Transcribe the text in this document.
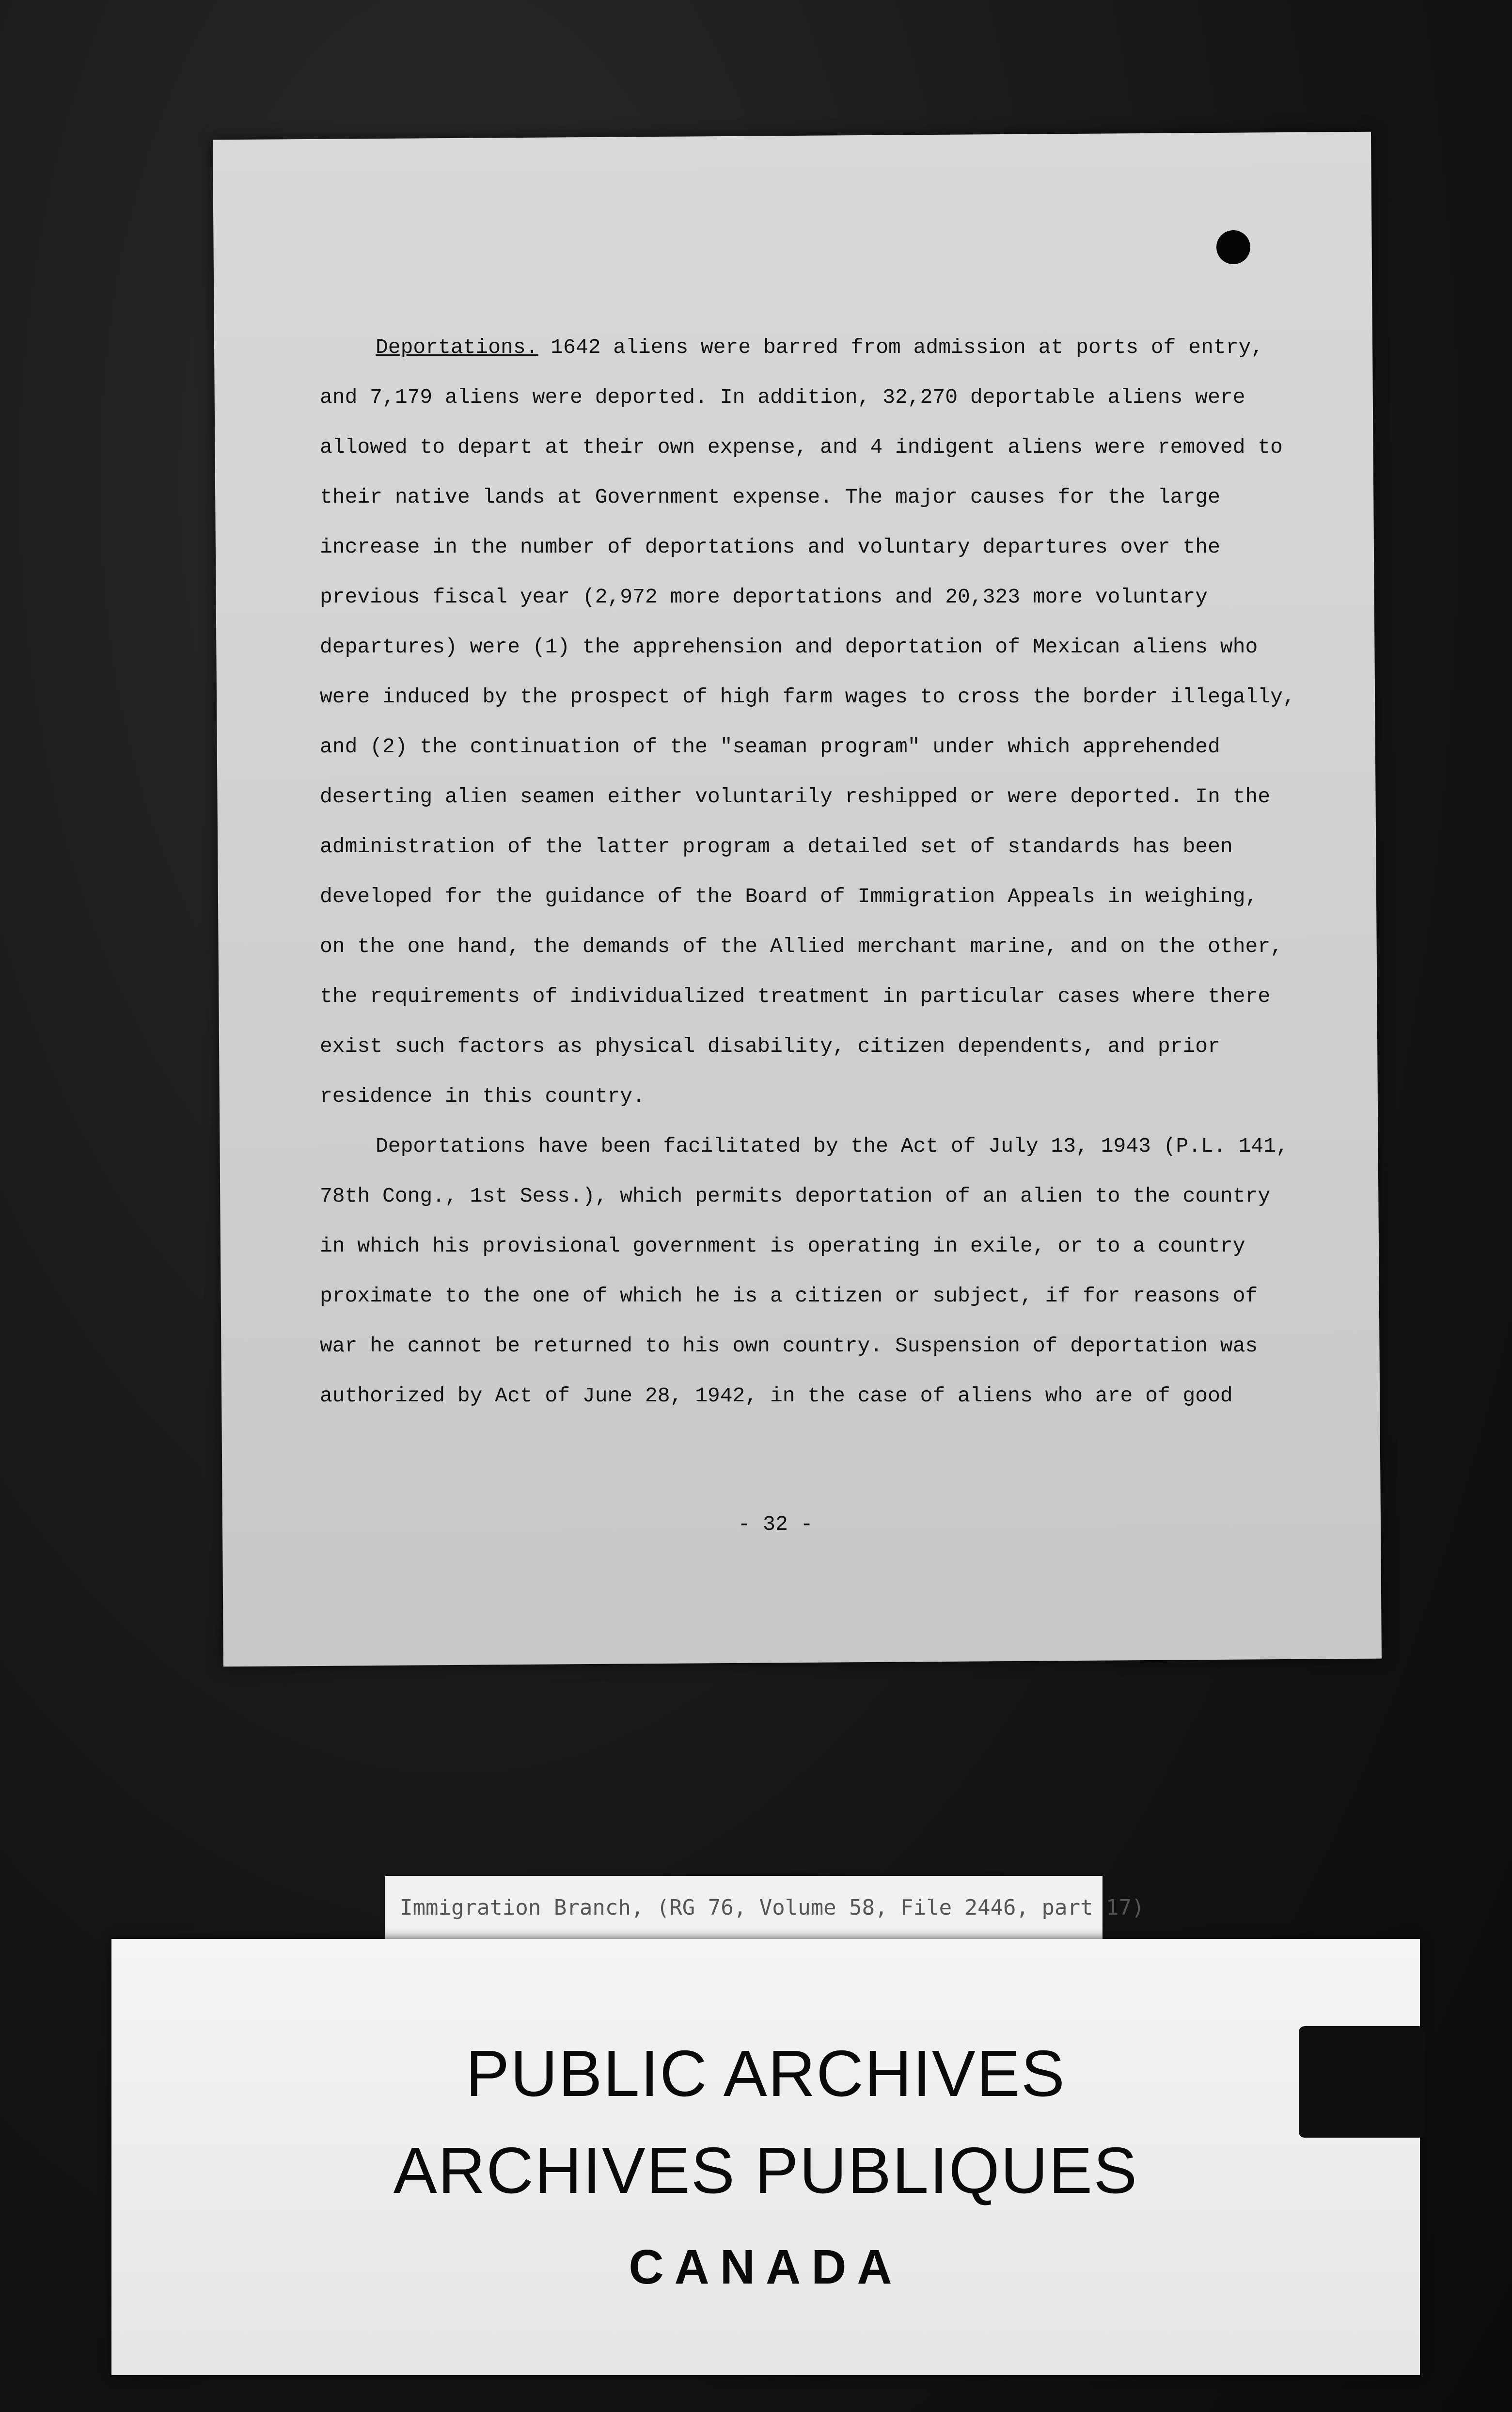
Deportations. 1642 aliens were barred from admission at ports of entry,
and 7,179 aliens were deported. In addition, 32,270 deportable aliens were
allowed to depart at their own expense, and 4 indigent aliens were removed to
their native lands at Government expense. The major causes for the large
increase in the number of deportations and voluntary departures over the
previous fiscal year (2,972 more deportations and 20,323 more voluntary
departures) were (1) the apprehension and deportation of Mexican aliens who
were induced by the prospect of high farm wages to cross the border illegally,
and (2) the continuation of the "seaman program" under which apprehended
deserting alien seamen either voluntarily reshipped or were deported. In the
administration of the latter program a detailed set of standards has been
developed for the guidance of the Board of Immigration Appeals in weighing,
on the one hand, the demands of the Allied merchant marine, and on the other,
the requirements of individualized treatment in particular cases where there
exist such factors as physical disability, citizen dependents, and prior
residence in this country.

Deportations have been facilitated by the Act of July 13, 1943 (P.L. 141,
78th Cong., 1st Sess.), which permits deportation of an alien to the country
in which his provisional government is operating in exile, or to a country
proximate to the one of which he is a citizen or subject, if for reasons of
war he cannot be returned to his own country. Suspension of deportation was
authorized by Act of June 28, 1942, in the case of aliens who are of good

- 32 -
Immigration Branch, (RG 76, Volume 58, File 2446, part 17)
PUBLIC ARCHIVES
ARCHIVES PUBLIQUES
CANADA
